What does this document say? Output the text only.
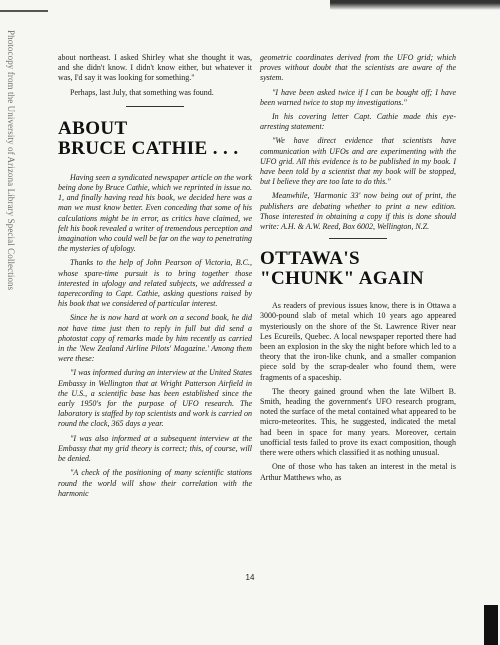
Photocopy from the University of Arizona Library Special Collections	about northeast. I asked Shirley what she thought it was, and she didn't know. I didn't know either, but whatever it was, I'd say it was looking for something."

Perhaps, last July, that something was found.

ABOUT
BRUCE CATHIE . . .

Having seen a syndicated newspaper article on the work being done by Bruce Cathie, which we reprinted in issue no. 1, and finally having read his book, we decided here was a man we must know better. Even conceding that some of his calculations might be in error, as critics have claimed, we felt his book revealed a writer of tremendous perception and imagination who could well be far on the way to penetrating the mysteries of ufology.

Thanks to the help of John Pearson of Victoria, B.C., whose spare-time pursuit is to bring together those interested in ufology and related subjects, we addressed a taperecording to Capt. Cathie, asking questions raised by his book that we considered of particular interest.

Since he is now hard at work on a second book, he did not have time just then to reply in full but did send a photostat copy of remarks made by him recently as carried in the 'New Zealand Airline Pilots' Magazine.' Among them were these:

"I was informed during an interview at the United States Embassy in Wellington that at Wright Patterson Airfield in the U.S., a scientific base has been established since the early 1950's for the purpose of UFO research. The laboratory is staffed by top scientists and work is carried on round the clock, 365 days a year.

"I was also informed at a subsequent interview at the Embassy that my grid theory is correct; this, of course, will be denied.

"A check of the positioning of many scientific stations round the world will show their correlation with the harmonic

geometric coordinates derived from the UFO grid; which proves without doubt that the scientists are aware of the system.

"I have been asked twice if I can be bought off; I have been warned twice to stop my investigations."

In his covering letter Capt. Cathie made this eye-arresting statement:

"We have direct evidence that scientists have communication with UFOs and are experimenting with the UFO grid. All this evidence is to be published in my book. I have been told by a scientist that my book will be stopped, but I believe they are too late to do this."

Meanwhile, 'Harmonic 33' now being out of print, the publishers are debating whether to print a new edition. Those interested in obtaining a copy if this is done should write: A.H. & A.W. Reed, Box 6002, Wellington, N.Z.

OTTAWA'S
"CHUNK" AGAIN

As readers of previous issues know, there is in Ottawa a 3000-pound slab of metal which 10 years ago appeared mysteriously on the shore of the St. Lawrence River near Les Ecureils, Quebec. A local newspaper reported there had been an explosion in the sky the night before which led to a theory that the iron-like chunk, and a smaller companion piece sold by the scrap-dealer who found them, were fragments of a spaceship.

The theory gained ground when the late Wilbert B. Smith, heading the government's UFO research program, noted the surface of the metal contained what appeared to be micro-meteorites. This, he suggested, indicated the metal had been in space for many years. Moreover, certain unofficial tests failed to prove its exact composition, though there were others which classified it as nothing unusual.

One of those who has taken an interest in the metal is Arthur Matthews who, as

14
